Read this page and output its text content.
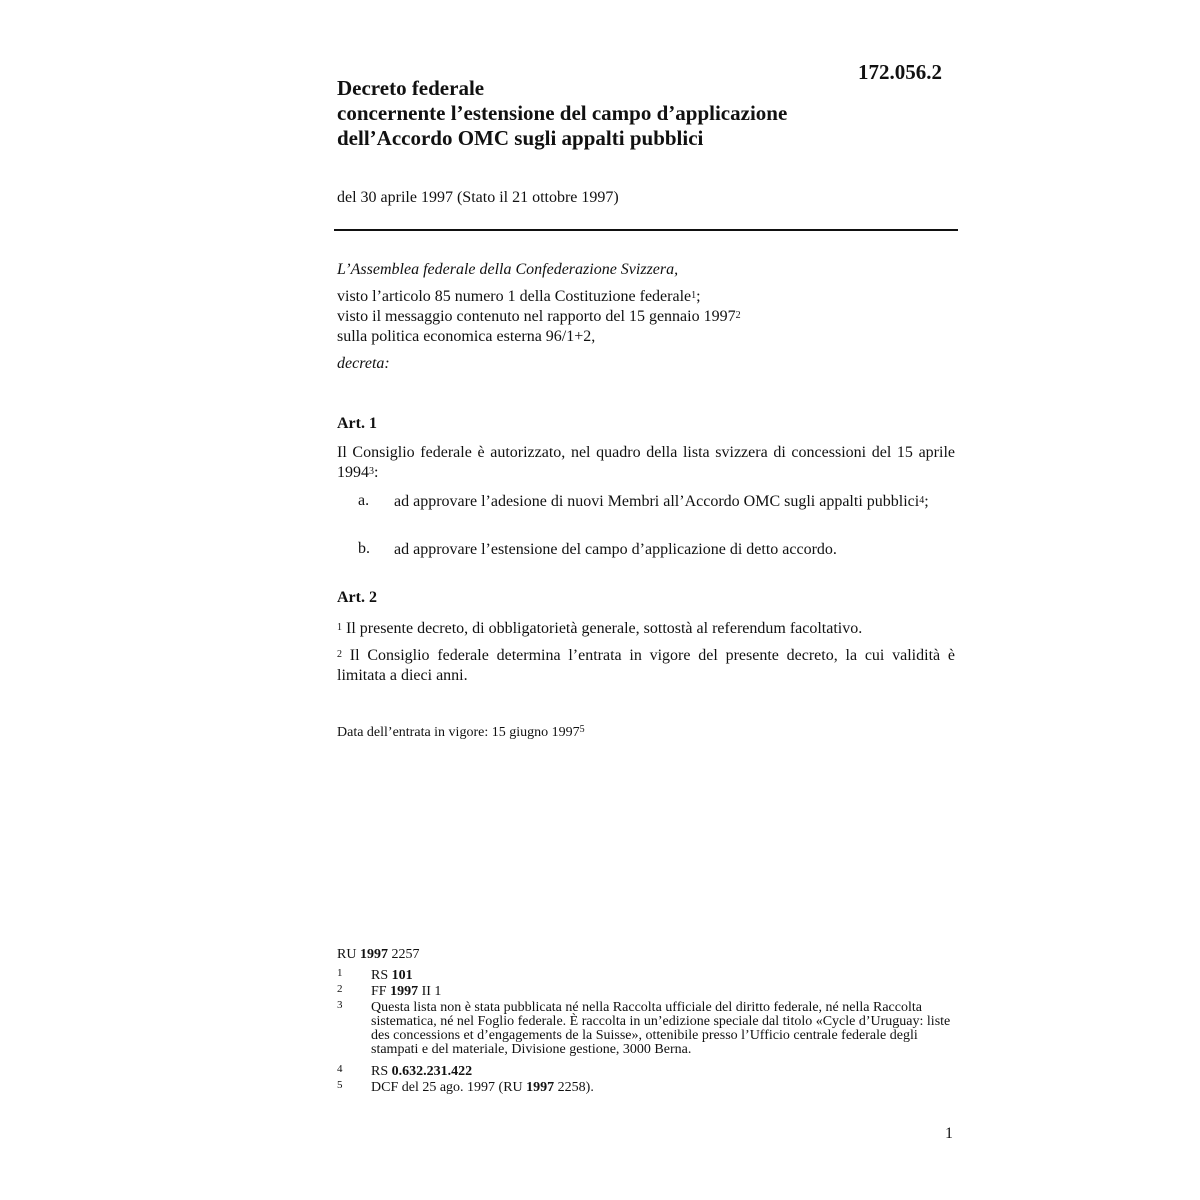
172.056.2
Decreto federale
concernente l’estensione del campo d’applicazione
dell’Accordo OMC sugli appalti pubblici
del 30 aprile 1997 (Stato il 21 ottobre 1997)
L’Assemblea federale della Confederazione Svizzera,
visto l’articolo 85 numero 1 della Costituzione federale$^1$;
visto il messaggio contenuto nel rapporto del 15 gennaio 1997$^2$
sulla politica economica esterna 96/1+2,
decreta:
Art. 1
Il Consiglio federale è autorizzato, nel quadro della lista svizzera di concessioni del 15 aprile 1994$^3$:
a. ad approvare l’adesione di nuovi Membri all’Accordo OMC sugli appalti pubblici$^4$;
b. ad approvare l’estensione del campo d’applicazione di detto accordo.
Art. 2
$^1$ Il presente decreto, di obbligatorietà generale, sottostà al referendum facoltativo.
$^2$ Il Consiglio federale determina l’entrata in vigore del presente decreto, la cui validità è limitata a dieci anni.
Data dell’entrata in vigore: 15 giugno 1997$^5$
RU 1997 2257
1 RS 101
2 FF 1997 II 1
3 Questa lista non è stata pubblicata né nella Raccolta ufficiale del diritto federale, né nella Raccolta sistematica, né nel Foglio federale. È raccolta in un’edizione speciale dal titolo «Cycle d’Uruguay: liste des concessions et d’engagements de la Suisse», ottenibile presso l’Ufficio centrale federale degli stampati e del materiale, Divisione gestione, 3000 Berna.
4 RS 0.632.231.422
5 DCF del 25 ago. 1997 (RU 1997 2258).
1
